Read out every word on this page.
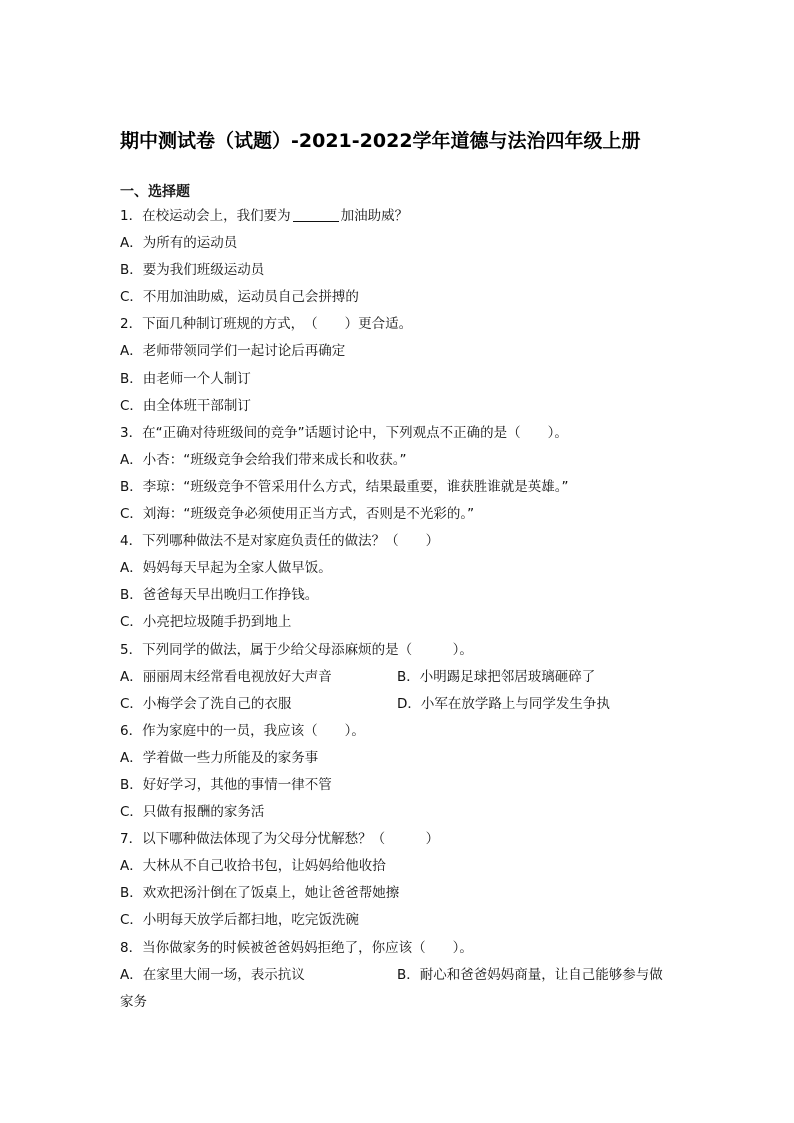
期中测试卷（试题）-2021-2022学年道德与法治四年级上册
一、选择题
1．在校运动会上，我们要为	加油助威？
A．为所有的运动员
B．要为我们班级运动员
C．不用加油助威，运动员自己会拼搏的
2．下面几种制订班规的方式，　（　　）更合适。
A．老师带领同学们一起讨论后再确定
B．由老师一个人制订
C．由全体班干部制订
3．在“正确对待班级间的竞争”话题讨论中，下列观点不正确的是（　　）。
A．小杏：“班级竞争会给我们带来成长和收获。”
B．李琼：“班级竞争不管采用什么方式，结果最重要，谁获胜谁就是英雄。”
C．刘海：“班级竞争必须使用正当方式，否则是不光彩的。”
4．下列哪种做法不是对家庭负责任的做法？（　　）
A．妈妈每天早起为全家人做早饭。
B．爸爸每天早出晚归工作挣钱。
C．小亮把垃圾随手扔到地上
5．下列同学的做法，属于少给父母添麻烦的是（　　　）。
A．丽丽周末经常看电视放好大声音	B．小明踢足球把邻居玻璃砸碎了
C．小梅学会了洗自己的衣服	D．小军在放学路上与同学发生争执
6．作为家庭中的一员，我应该（　　）。
A．学着做一些力所能及的家务事
B．好好学习，其他的事情一律不管
C．只做有报酬的家务活
7．以下哪种做法体现了为父母分忧解愁？（　　　）
A．大林从不自己收拾书包，让妈妈给他收拾
B．欢欢把汤汁倒在了饭桌上，她让爸爸帮她擦
C．小明每天放学后都扫地，吃完饭洗碗
8．当你做家务的时候被爸爸妈妈拒绝了，你应该（　　）。
A．在家里大闹一场，表示抗议	B．耐心和爸爸妈妈商量，让自己能够参与做
家务
